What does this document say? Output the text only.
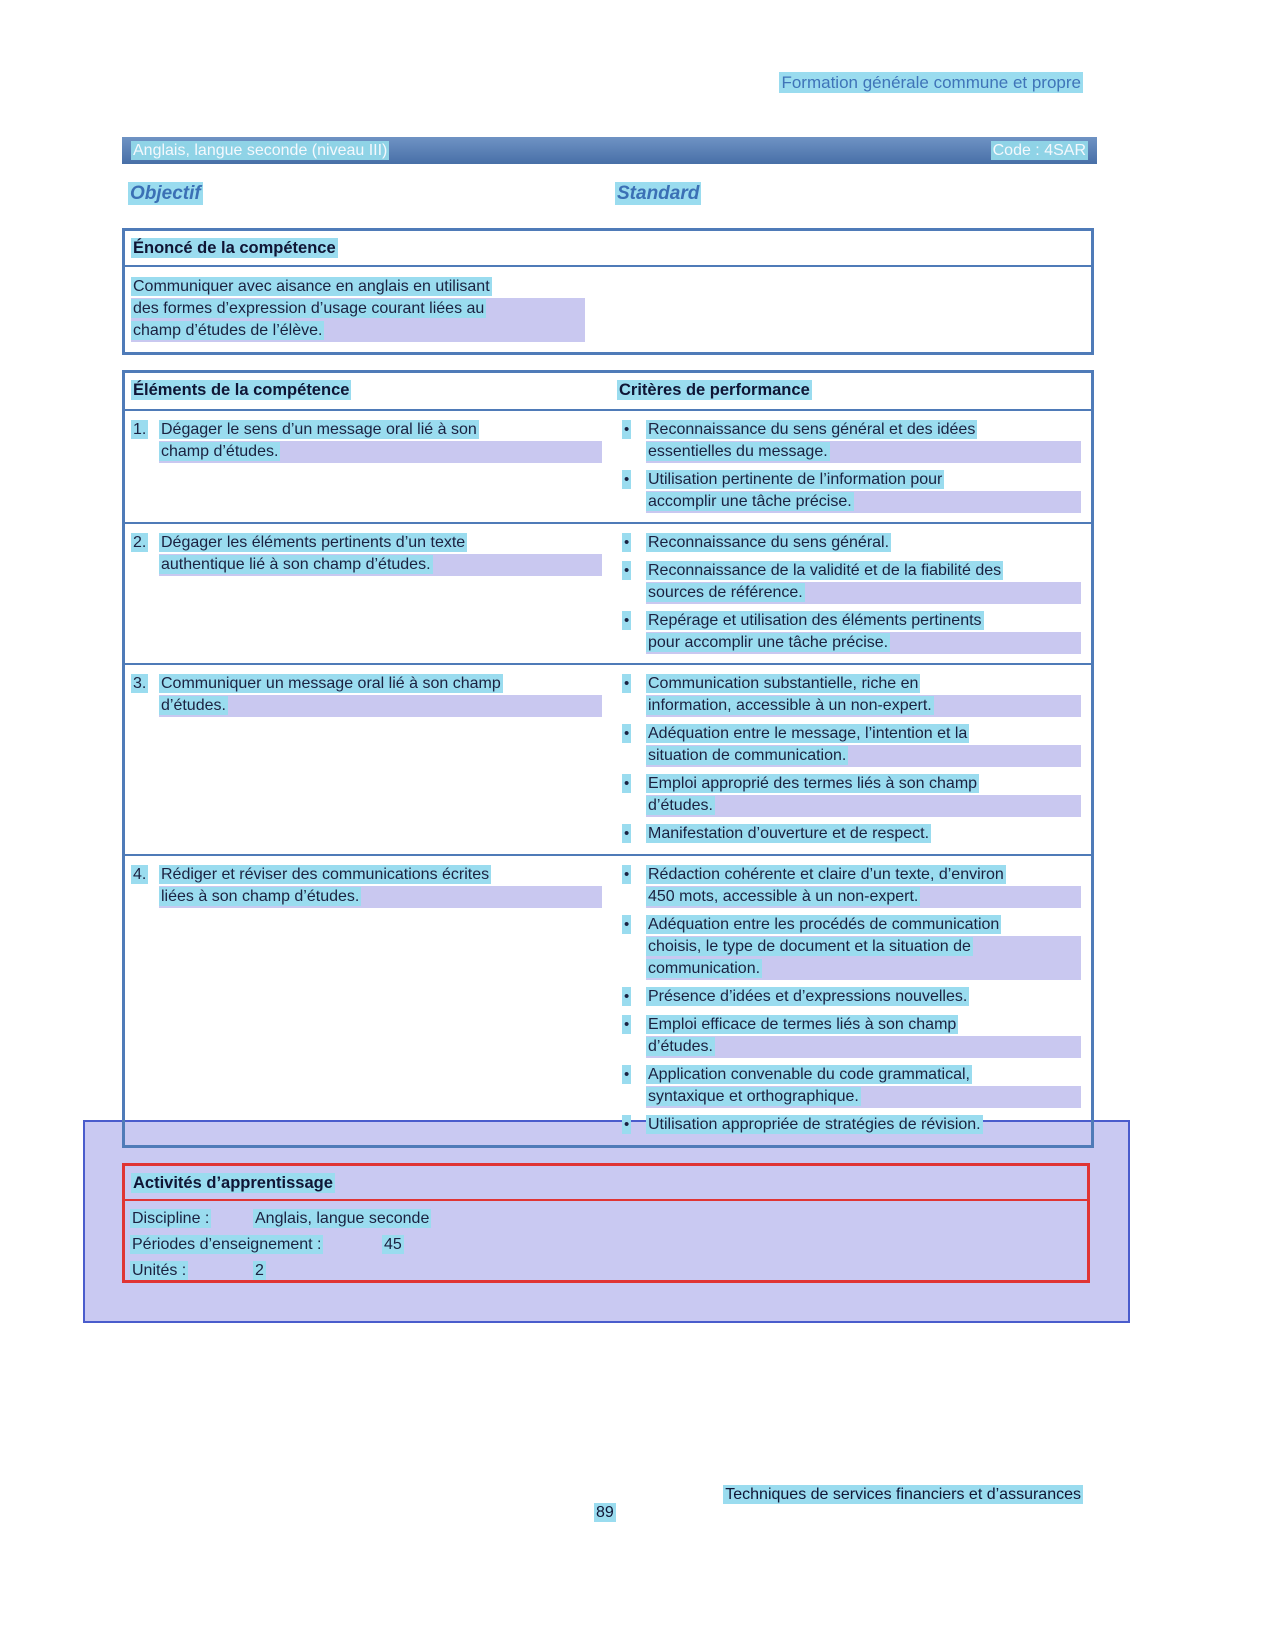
Formation générale commune et propre
Anglais, langue seconde (niveau III)	Code : 4SAR
Objectif	Standard
Énoncé de la compétence
Communiquer avec aisance en anglais en utilisant
des formes d’expression d’usage courant liées au
champ d’études de l’élève.
Éléments de la compétence	Critères de performance
1. Dégager le sens d’un message oral lié à son
champ d’études.
•	Reconnaissance du sens général et des idées
essentielles du message.
•	Utilisation pertinente de l’information pour
accomplir une tâche précise.
2. Dégager les éléments pertinents d’un texte
authentique lié à son champ d’études.
•	Reconnaissance du sens général.
•	Reconnaissance de la validité et de la fiabilité des
sources de référence.
•	Repérage et utilisation des éléments pertinents
pour accomplir une tâche précise.
3. Communiquer un message oral lié à son champ
d’études.
•	Communication substantielle, riche en
information, accessible à un non-expert.
•	Adéquation entre le message, l’intention et la
situation de communication.
•	Emploi approprié des termes liés à son champ
d’études.
•	Manifestation d’ouverture et de respect.
4. Rédiger et réviser des communications écrites
liées à son champ d’études.
•	Rédaction cohérente et claire d’un texte, d’environ
450 mots, accessible à un non-expert.
•	Adéquation entre les procédés de communication
choisis, le type de document et la situation de
communication.
•	Présence d’idées et d’expressions nouvelles.
•	Emploi efficace de termes liés à son champ
d’études.
•	Application convenable du code grammatical,
syntaxique et orthographique.
•	Utilisation appropriée de stratégies de révision.
Activités d’apprentissage
Discipline :	Anglais, langue seconde
Périodes d’enseignement :	45
Unités :	2
Techniques de services financiers et d’assurances
89
